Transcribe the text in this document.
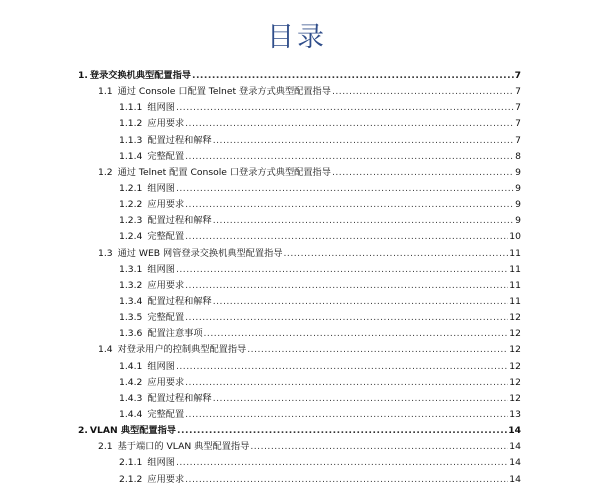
目录
1. 登录交换机典型配置指导 .....	7
1.1 通过 Console 口配置 Telnet 登录方式典型配置指导 .....	7
1.1.1 组网图 .....	7
1.1.2 应用要求 .....	7
1.1.3 配置过程和解释 .....	7
1.1.4 完整配置 .....	8
1.2 通过 Telnet 配置 Console 口登录方式典型配置指导 .....	9
1.2.1 组网图 .....	9
1.2.2 应用要求 .....	9
1.2.3 配置过程和解释 .....	9
1.2.4 完整配置 .....	10
1.3 通过 WEB 网管登录交换机典型配置指导 .....	11
1.3.1 组网图 .....	11
1.3.2 应用要求 .....	11
1.3.4 配置过程和解释 .....	11
1.3.5 完整配置 .....	12
1.3.6 配置注意事项 .....	12
1.4 对登录用户的控制典型配置指导 .....	12
1.4.1 组网图 .....	12
1.4.2 应用要求 .....	12
1.4.3 配置过程和解释 .....	12
1.4.4 完整配置 .....	13
2. VLAN 典型配置指导 .....	14
2.1 基于端口的 VLAN 典型配置指导 .....	14
2.1.1 组网图 .....	14
2.1.2 应用要求 .....	14
